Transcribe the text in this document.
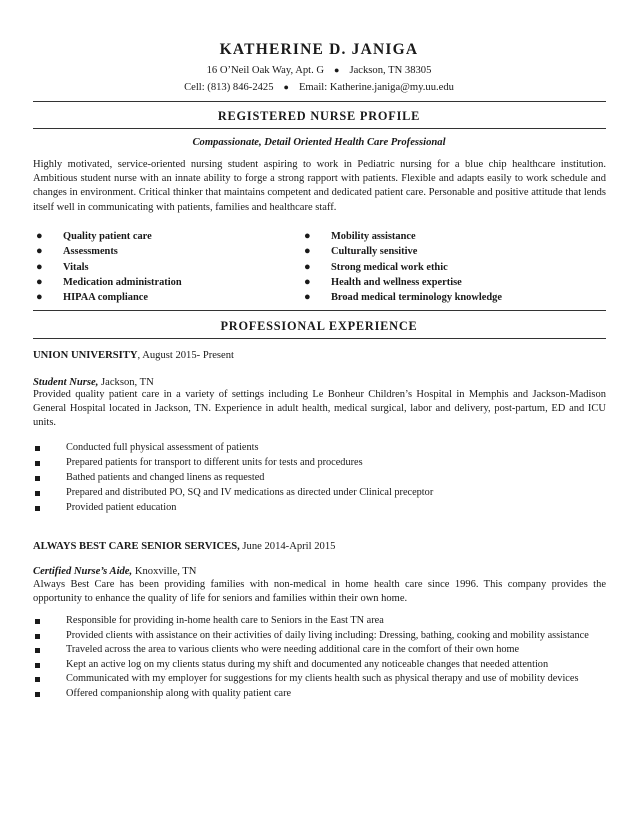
KATHERINE D. JANIGA
16 O’Neil Oak Way, Apt. G ● Jackson, TN 38305
Cell: (813) 846-2425 ● Email: Katherine.janiga@my.uu.edu
REGISTERED NURSE PROFILE
Compassionate, Detail Oriented Health Care Professional
Highly motivated, service-oriented nursing student aspiring to work in Pediatric nursing for a blue chip healthcare institution. Ambitious student nurse with an innate ability to forge a strong rapport with patients. Flexible and adapts easily to work schedule and changes in environment. Critical thinker that maintains competent and dedicated patient care. Personable and positive attitude that lends itself well in communicating with patients, families and healthcare staff.
● Quality patient care
● Assessments
● Vitals
● Medication administration
● HIPAA compliance
● Mobility assistance
● Culturally sensitive
● Strong medical work ethic
● Health and wellness expertise
● Broad medical terminology knowledge
PROFESSIONAL EXPERIENCE
UNION UNIVERSITY, August 2015- Present
Student Nurse, Jackson, TN
Provided quality patient care in a variety of settings including Le Bonheur Children’s Hospital in Memphis and Jackson-Madison General Hospital located in Jackson, TN. Experience in adult health, medical surgical, labor and delivery, post-partum, ED and ICU units.
Conducted full physical assessment of patients
Prepared patients for transport to different units for tests and procedures
Bathed patients and changed linens as requested
Prepared and distributed PO, SQ and IV medications as directed under Clinical preceptor
Provided patient education
ALWAYS BEST CARE SENIOR SERVICES, June 2014-April 2015
Certified Nurse’s Aide, Knoxville, TN
Always Best Care has been providing families with non-medical in home health care since 1996. This company provides the opportunity to enhance the quality of life for seniors and families within their own home.
Responsible for providing in-home health care to Seniors in the East TN area
Provided clients with assistance on their activities of daily living including: Dressing, bathing, cooking and mobility assistance
Traveled across the area to various clients who were needing additional care in the comfort of their own home
Kept an active log on my clients status during my shift and documented any noticeable changes that needed attention
Communicated with my employer for suggestions for my clients health such as physical therapy and use of mobility devices
Offered companionship along with quality patient care
